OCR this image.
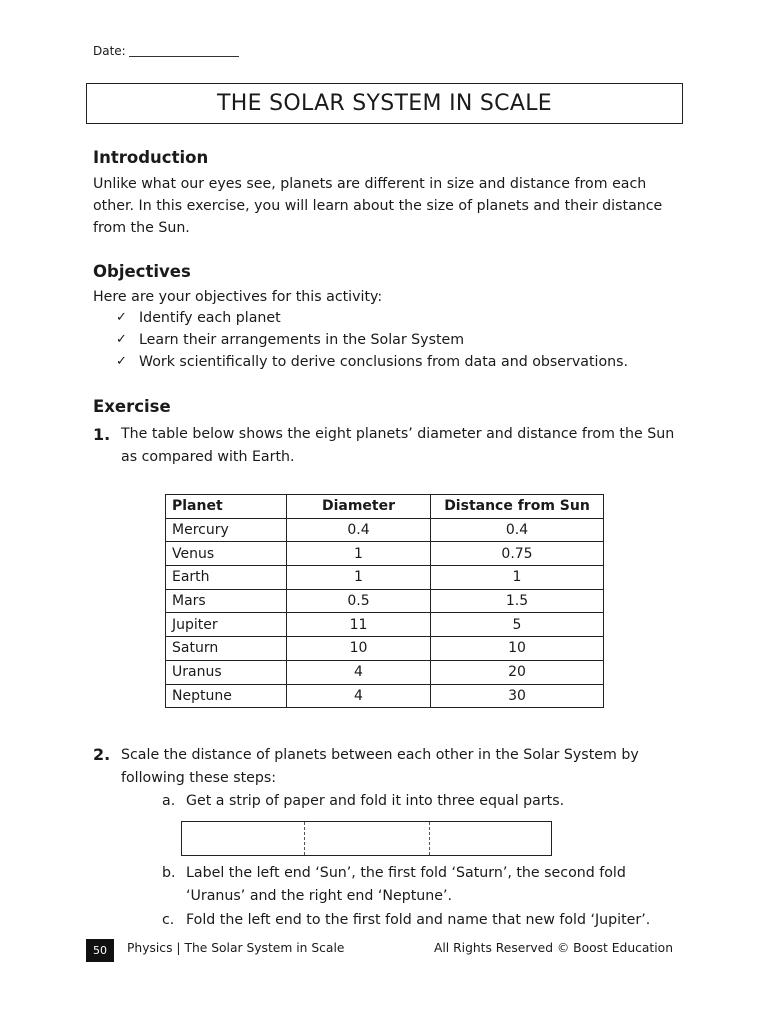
Date:
THE SOLAR SYSTEM IN SCALE
Introduction
Unlike what our eyes see, planets are different in size and distance from each other. In this exercise, you will learn about the size of planets and their distance from the Sun.
Objectives
Here are your objectives for this activity:
✓ Identify each planet
✓ Learn their arrangements in the Solar System
✓ Work scientifically to derive conclusions from data and observations.
Exercise
1. The table below shows the eight planets’ diameter and distance from the Sun as compared with Earth.
Planet	Diameter	Distance from Sun
Mercury	0.4	0.4
Venus	1	0.75
Earth	1	1
Mars	0.5	1.5
Jupiter	11	5
Saturn	10	10
Uranus	4	20
Neptune	4	30
2. Scale the distance of planets between each other in the Solar System by following these steps:
a. Get a strip of paper and fold it into three equal parts.
b. Label the left end ‘Sun’, the first fold ‘Saturn’, the second fold ‘Uranus’ and the right end ‘Neptune’.
c. Fold the left end to the first fold and name that new fold ‘Jupiter’.
50	Physics | The Solar System in Scale	All Rights Reserved © Boost Education
